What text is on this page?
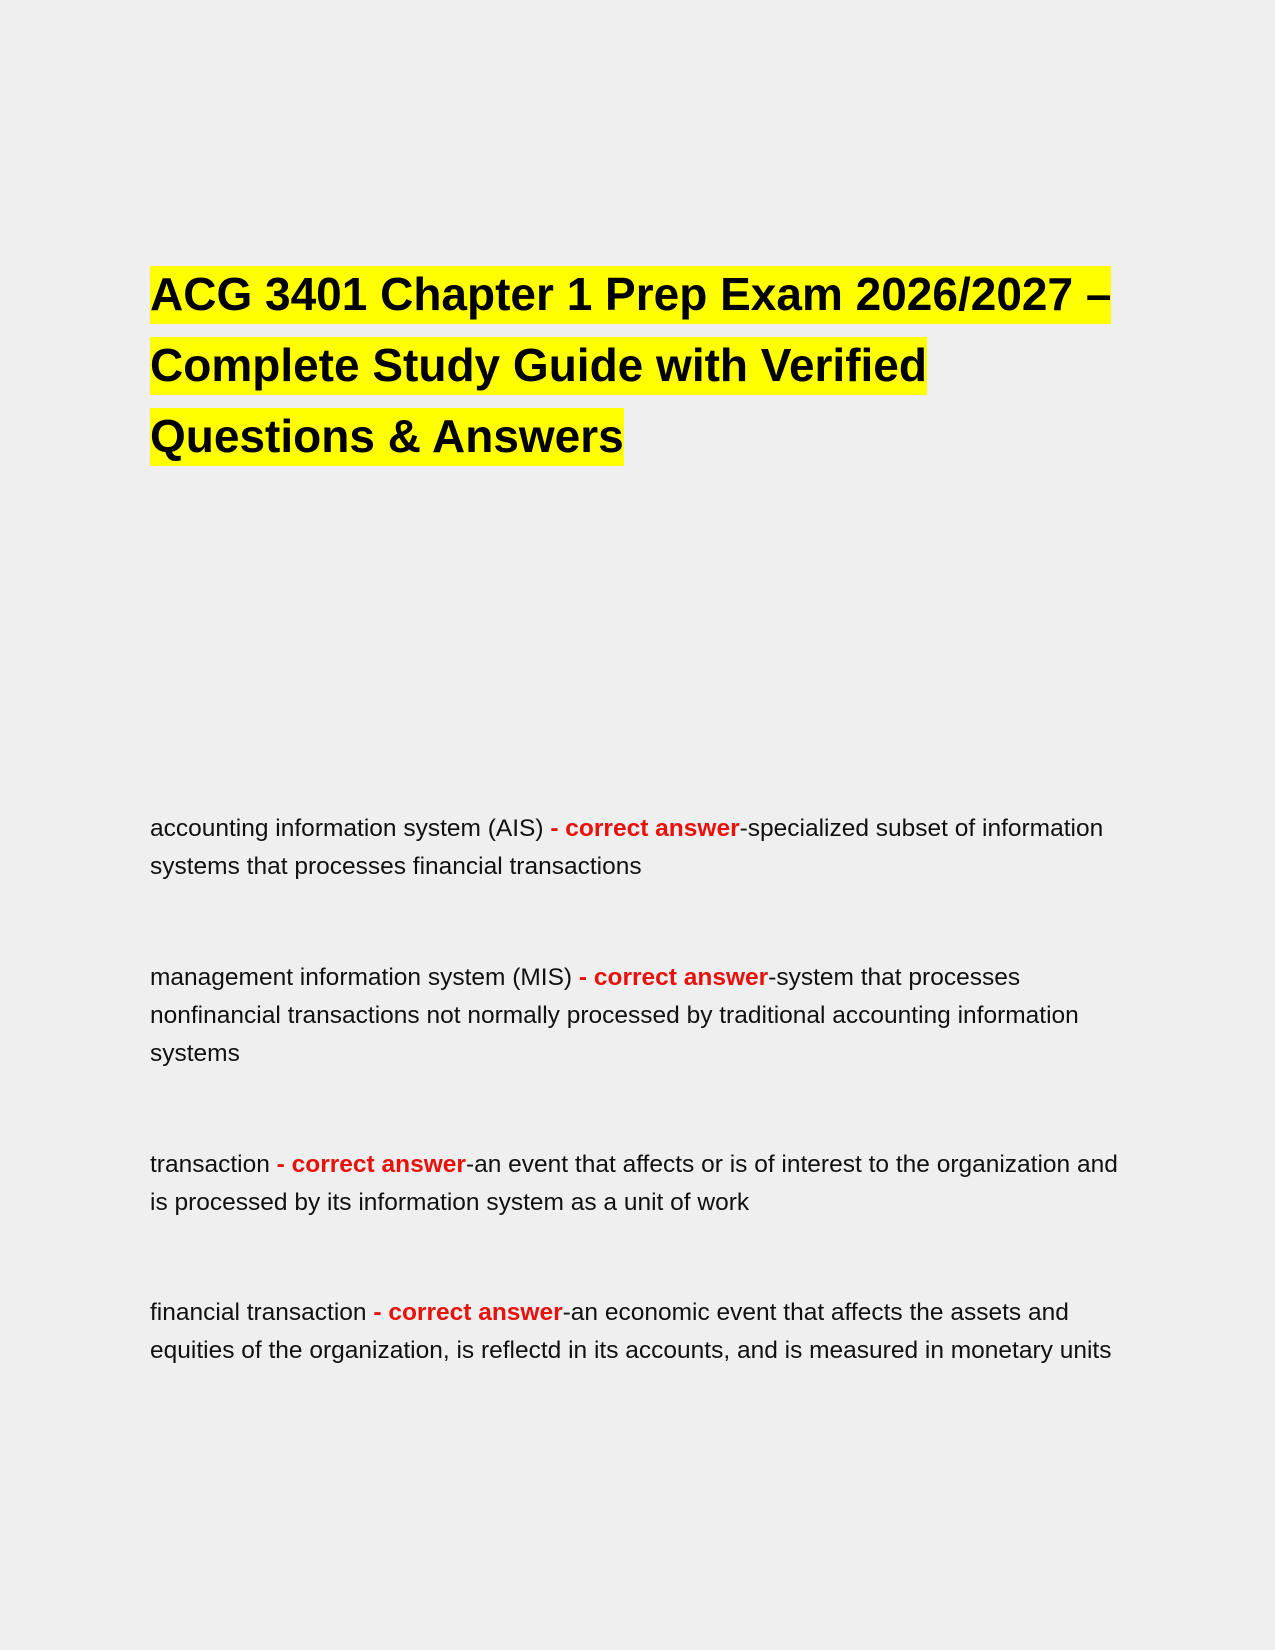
ACG 3401 Chapter 1 Prep Exam 2026/2027 – Complete Study Guide with Verified Questions & Answers

accounting information system (AIS) - correct answer-specialized subset of information systems that processes financial transactions

management information system (MIS) - correct answer-system that processes nonfinancial transactions not normally processed by traditional accounting information systems

transaction - correct answer-an event that affects or is of interest to the organization and is processed by its information system as a unit of work

financial transaction - correct answer-an economic event that affects the assets and equities of the organization, is reflectd in its accounts, and is measured in monetary units
